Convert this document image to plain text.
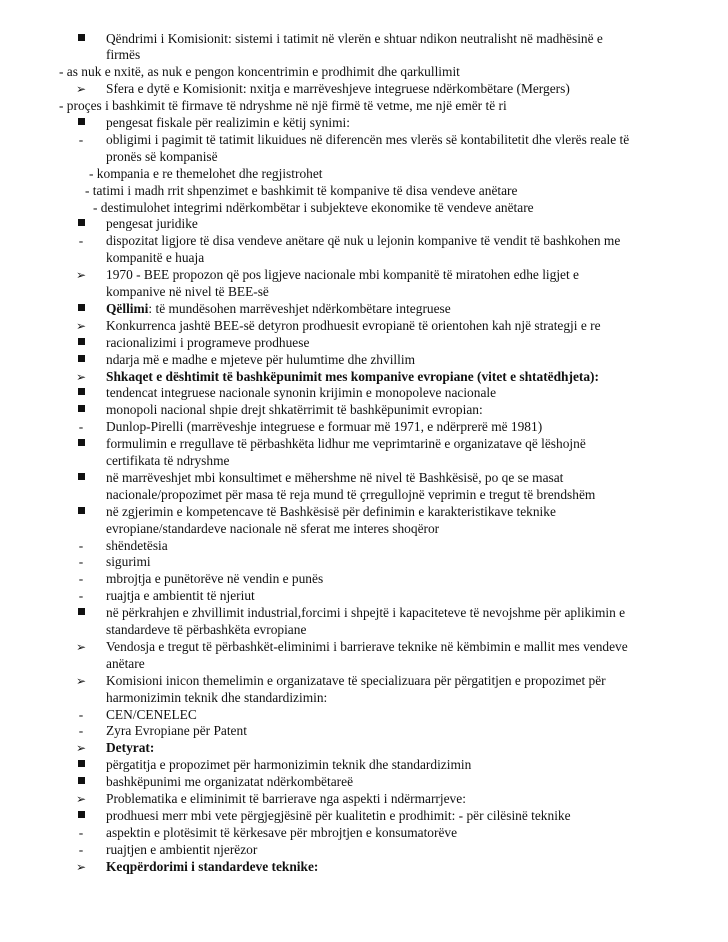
Qëndrimi i Komisionit: sistemi i tatimit në vlerën e shtuar ndikon neutralisht në madhësinë e
firmës
- as nuk e nxitë, as nuk e pengon koncentrimin e prodhimit dhe qarkullimit
➢ Sfera e dytë e Komisionit: nxitja e marrëveshjeve integruese ndërkombëtare (Mergers)
- proçes i bashkimit të firmave të ndryshme në një firmë të vetme, me një emër të ri
pengesat fiskale për realizimin e këtij synimi:
-	obligimi i pagimit të tatimit likuidues në diferencën mes vlerës së kontabilitetit dhe vlerës reale të
pronës së kompanisë
- kompania e re themelohet dhe regjistrohet
- tatimi i madh rrit shpenzimet e bashkimit të kompanive të disa vendeve anëtare
- destimulohet integrimi ndërkombëtar i subjekteve ekonomike të vendeve anëtare
pengesat juridike
-	dispozitat ligjore të disa vendeve anëtare që nuk u lejonin kompanive të vendit të bashkohen me
kompanitë e huaja
➢ 1970 - BEE propozon që pos ligjeve nacionale mbi kompanitë të miratohen edhe ligjet e
kompanive në nivel të BEE-së
Qëllimi: të mundësohen marrëveshjet ndërkombëtare integruese
➢ Konkurrenca jashtë BEE-së detyron prodhuesit evropianë të orientohen kah një strategji e re
racionalizimi i programeve prodhuese
ndarja më e madhe e mjeteve për hulumtime dhe zhvillim
➢ Shkaqet e dështimit të bashkëpunimit mes kompanive evropiane (vitet e shtatëdhjeta):
tendencat integruese nacionale synonin krijimin e monopoleve nacionale
monopoli nacional shpie drejt shkatërrimit të bashkëpunimit evropian:
-	Dunlop-Pirelli (marrëveshje integruese e formuar më 1971, e ndërprerë më 1981)
formulimin e rregullave të përbashkëta lidhur me veprimtarinë e organizatave që lëshojnë
certifikata të ndryshme
në marrëveshjet mbi konsultimet e mëhershme në nivel të Bashkësisë, po qe se masat
nacionale/propozimet për masa të reja mund të çrregullojnë veprimin e tregut të brendshëm
në zgjerimin e kompetencave të Bashkësisë për definimin e karakteristikave teknike
evropiane/standardeve nacionale në sferat me interes shoqëror
-	shëndetësia
-	sigurimi
-	mbrojtja e punëtorëve në vendin e punës
-	ruajtja e ambientit të njeriut
në përkrahjen e zhvillimit industrial,forcimi i shpejtë i kapaciteteve të nevojshme për aplikimin e
standardeve të përbashkëta evropiane
➢ Vendosja e tregut të përbashkët-eliminimi i barrierave teknike në këmbimin e mallit mes vendeve
anëtare
➢ Komisioni inicon themelimin e organizatave të specializuara për përgatitjen e propozimet për
harmonizimin teknik dhe standardizimin:
-	CEN/CENELEC
-	Zyra Evropiane për Patent
➢ Detyrat:
përgatitja e propozimet për harmonizimin teknik dhe standardizimin
bashkëpunimi me organizatat ndërkombëtareë
➢ Problematika e eliminimit të barrierave nga aspekti i ndërmarrjeve:
prodhuesi merr mbi vete përgjegjësinë për kualitetin e prodhimit: - për cilësinë teknike
-	aspektin e plotësimit të kërkesave për mbrojtjen e konsumatorëve
-	ruajtjen e ambientit njerëzor
➢ Keqpërdorimi i standardeve teknike:
